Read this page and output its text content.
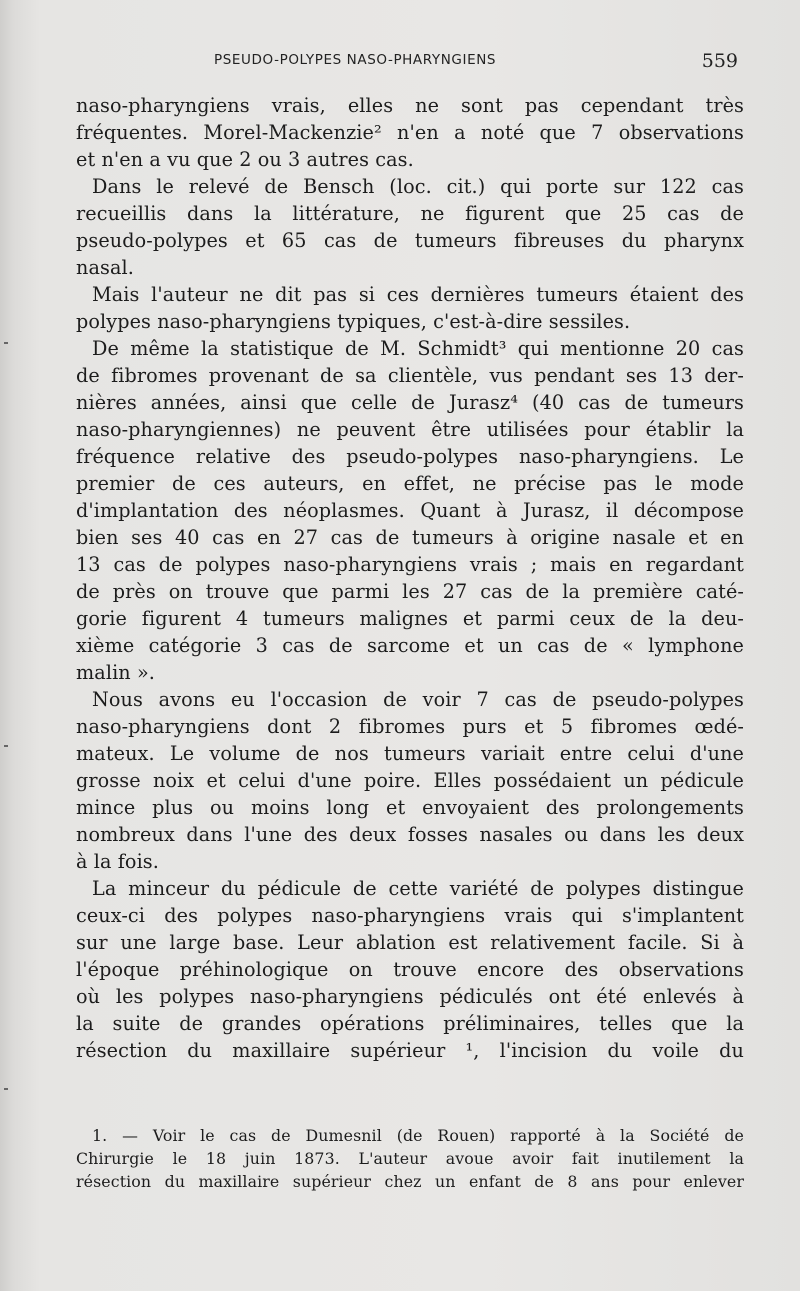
PSEUDO-POLYPES NASO-PHARYNGIENS	559
naso-pharyngiens vrais, elles ne sont pas cependant très
fréquentes. Morel-Mackenzie² n'en a noté que 7 observations
et n'en a vu que 2 ou 3 autres cas.
Dans le relevé de Bensch (loc. cit.) qui porte sur 122 cas
recueillis dans la littérature, ne figurent que 25 cas de
pseudo-polypes et 65 cas de tumeurs fibreuses du pharynx
nasal.
Mais l'auteur ne dit pas si ces dernières tumeurs étaient des
polypes naso-pharyngiens typiques, c'est-à-dire sessiles.
De même la statistique de M. Schmidt³ qui mentionne 20 cas
de fibromes provenant de sa clientèle, vus pendant ses 13 der-
nières années, ainsi que celle de Jurasz⁴ (40 cas de tumeurs
naso-pharyngiennes) ne peuvent être utilisées pour établir la
fréquence relative des pseudo-polypes naso-pharyngiens. Le
premier de ces auteurs, en effet, ne précise pas le mode
d'implantation des néoplasmes. Quant à Jurasz, il décompose
bien ses 40 cas en 27 cas de tumeurs à origine nasale et en
13 cas de polypes naso-pharyngiens vrais ; mais en regardant
de près on trouve que parmi les 27 cas de la première caté-
gorie figurent 4 tumeurs malignes et parmi ceux de la deu-
xième catégorie 3 cas de sarcome et un cas de « lymphone
malin ».
Nous avons eu l'occasion de voir 7 cas de pseudo-polypes
naso-pharyngiens dont 2 fibromes purs et 5 fibromes œdé-
mateux. Le volume de nos tumeurs variait entre celui d'une
grosse noix et celui d'une poire. Elles possédaient un pédicule
mince plus ou moins long et envoyaient des prolongements
nombreux dans l'une des deux fosses nasales ou dans les deux
à la fois.
La minceur du pédicule de cette variété de polypes distingue
ceux-ci des polypes naso-pharyngiens vrais qui s'implantent
sur une large base. Leur ablation est relativement facile. Si à
l'époque préhinologique on trouve encore des observations
où les polypes naso-pharyngiens pédiculés ont été enlevés à
la suite de grandes opérations préliminaires, telles que la
résection du maxillaire supérieur ¹, l'incision du voile du
1. — Voir le cas de Dumesnil (de Rouen) rapporté à la Société de
Chirurgie le 18 juin 1873. L'auteur avoue avoir fait inutilement la
résection du maxillaire supérieur chez un enfant de 8 ans pour enlever
